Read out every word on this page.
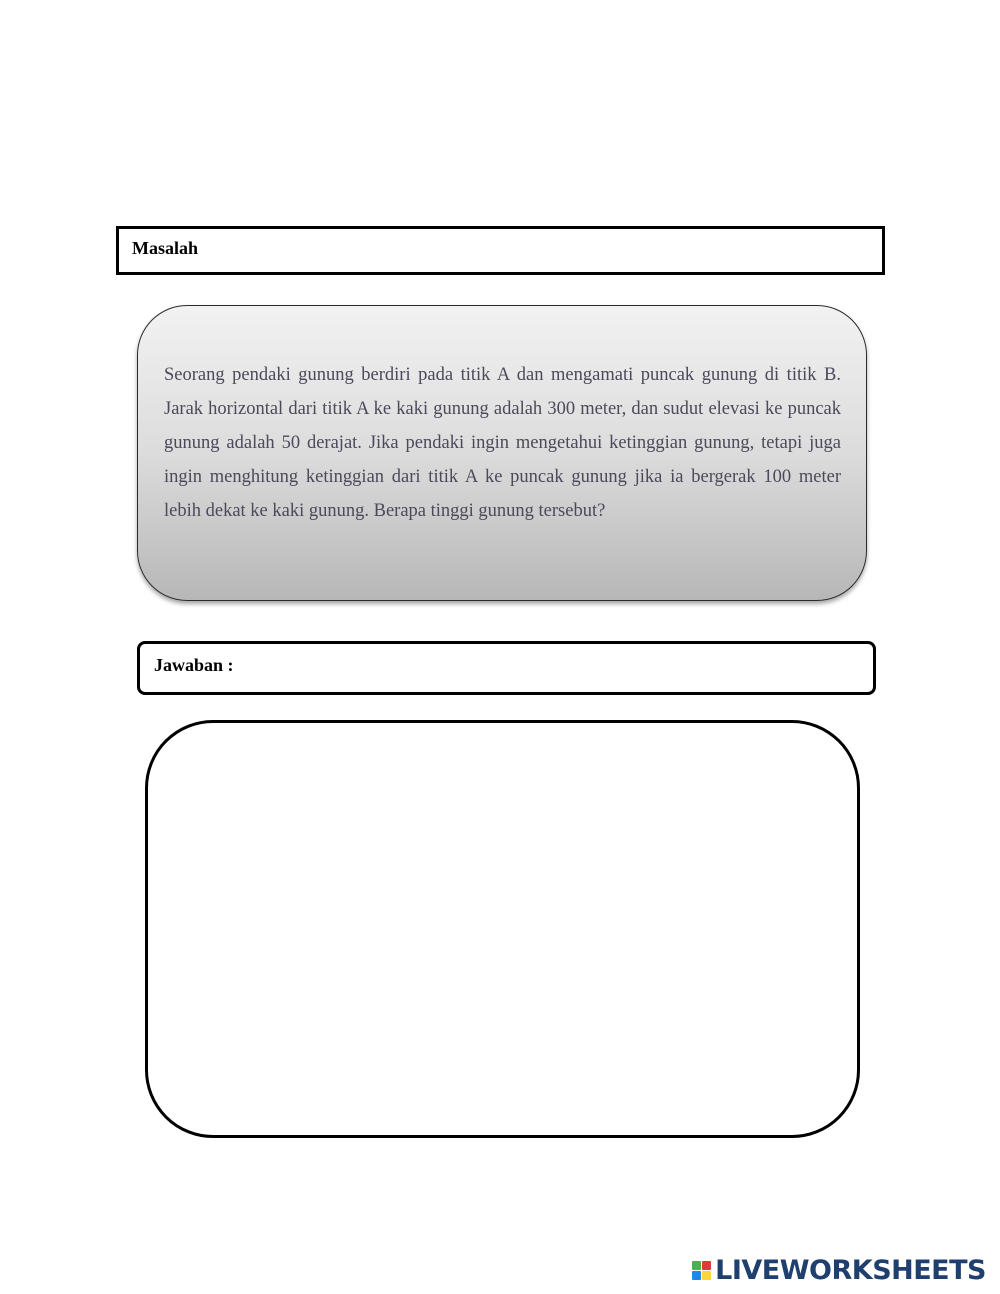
Masalah

Seorang pendaki gunung berdiri pada titik A dan mengamati puncak gunung di titik B. Jarak horizontal dari titik A ke kaki gunung adalah 300 meter, dan sudut elevasi ke puncak gunung adalah 50 derajat. Jika pendaki ingin mengetahui ketinggian gunung, tetapi juga ingin menghitung ketinggian dari titik A ke puncak gunung jika ia bergerak 100 meter lebih dekat ke kaki gunung. Berapa tinggi gunung tersebut?

Jawaban :
LIVEWORKSHEETS
